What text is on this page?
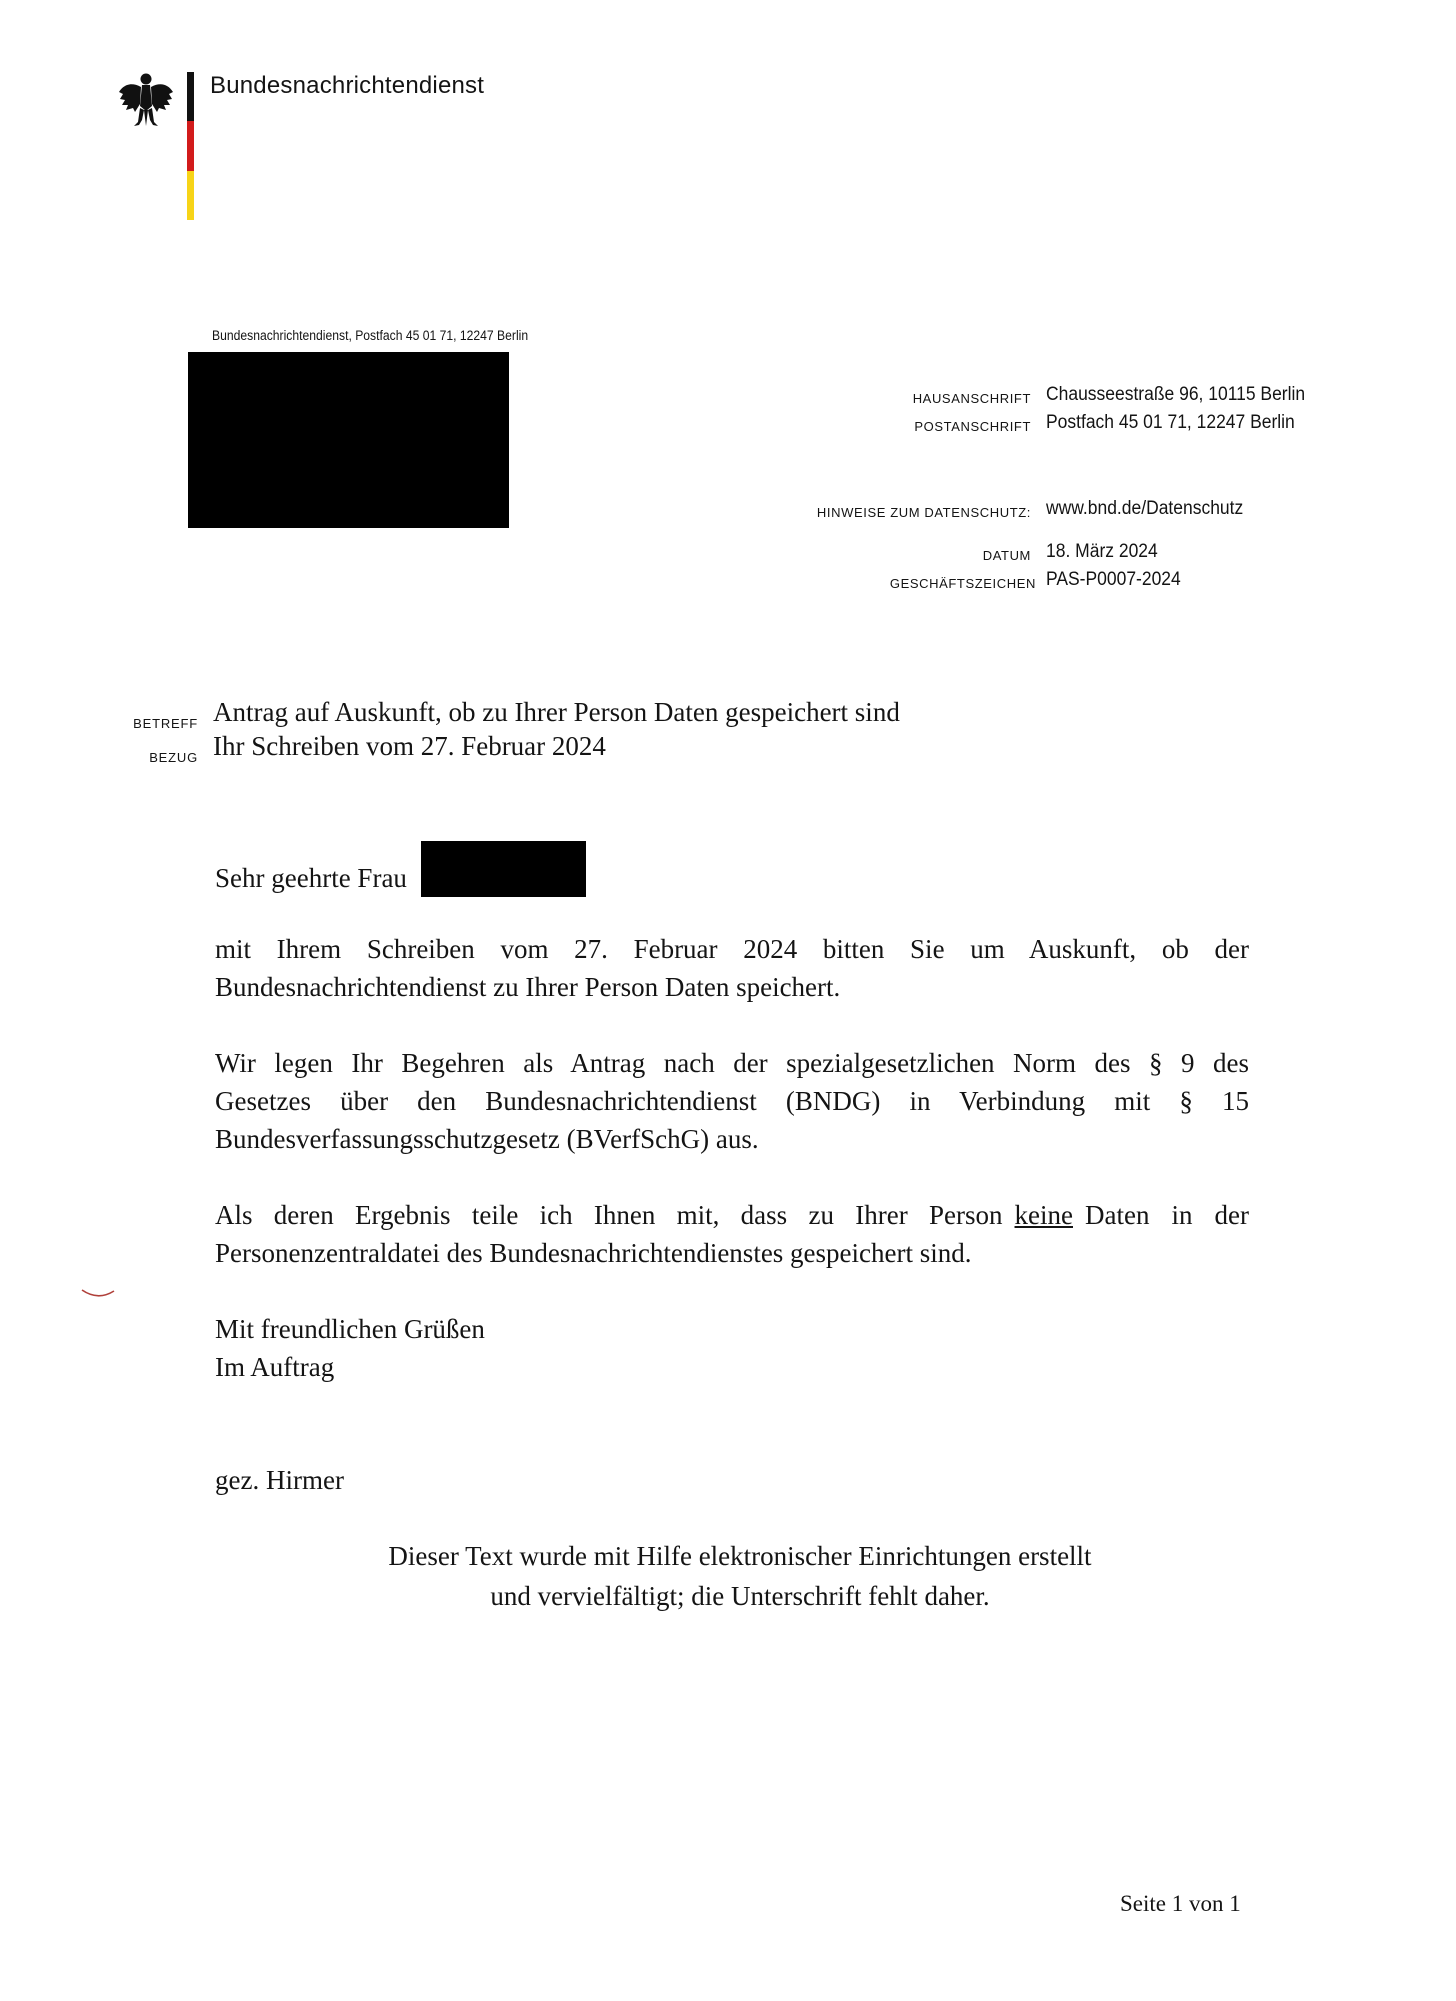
Bundesnachrichtendienst
Bundesnachrichtendienst, Postfach 45 01 71, 12247 Berlin
HAUSANSCHRIFT Chausseestraße 96, 10115 Berlin
POSTANSCHRIFT Postfach 45 01 71, 12247 Berlin
HINWEISE ZUM DATENSCHUTZ: www.bnd.de/Datenschutz
DATUM 18. März 2024
GESCHÄFTSZEICHEN PAS-P0007-2024
BETREFF Antrag auf Auskunft, ob zu Ihrer Person Daten gespeichert sind
BEZUG Ihr Schreiben vom 27. Februar 2024
Sehr geehrte Frau
mit Ihrem Schreiben vom 27. Februar 2024 bitten Sie um Auskunft, ob der
Bundesnachrichtendienst zu Ihrer Person Daten speichert.
Wir legen Ihr Begehren als Antrag nach der spezialgesetzlichen Norm des § 9 des
Gesetzes über den Bundesnachrichtendienst (BNDG) in Verbindung mit § 15
Bundesverfassungsschutzgesetz (BVerfSchG) aus.
Als deren Ergebnis teile ich Ihnen mit, dass zu Ihrer Person keine Daten in der
Personenzentraldatei des Bundesnachrichtendienstes gespeichert sind.
Mit freundlichen Grüßen
Im Auftrag
gez. Hirmer
Dieser Text wurde mit Hilfe elektronischer Einrichtungen erstellt
und vervielfältigt; die Unterschrift fehlt daher.
Seite 1 von 1
